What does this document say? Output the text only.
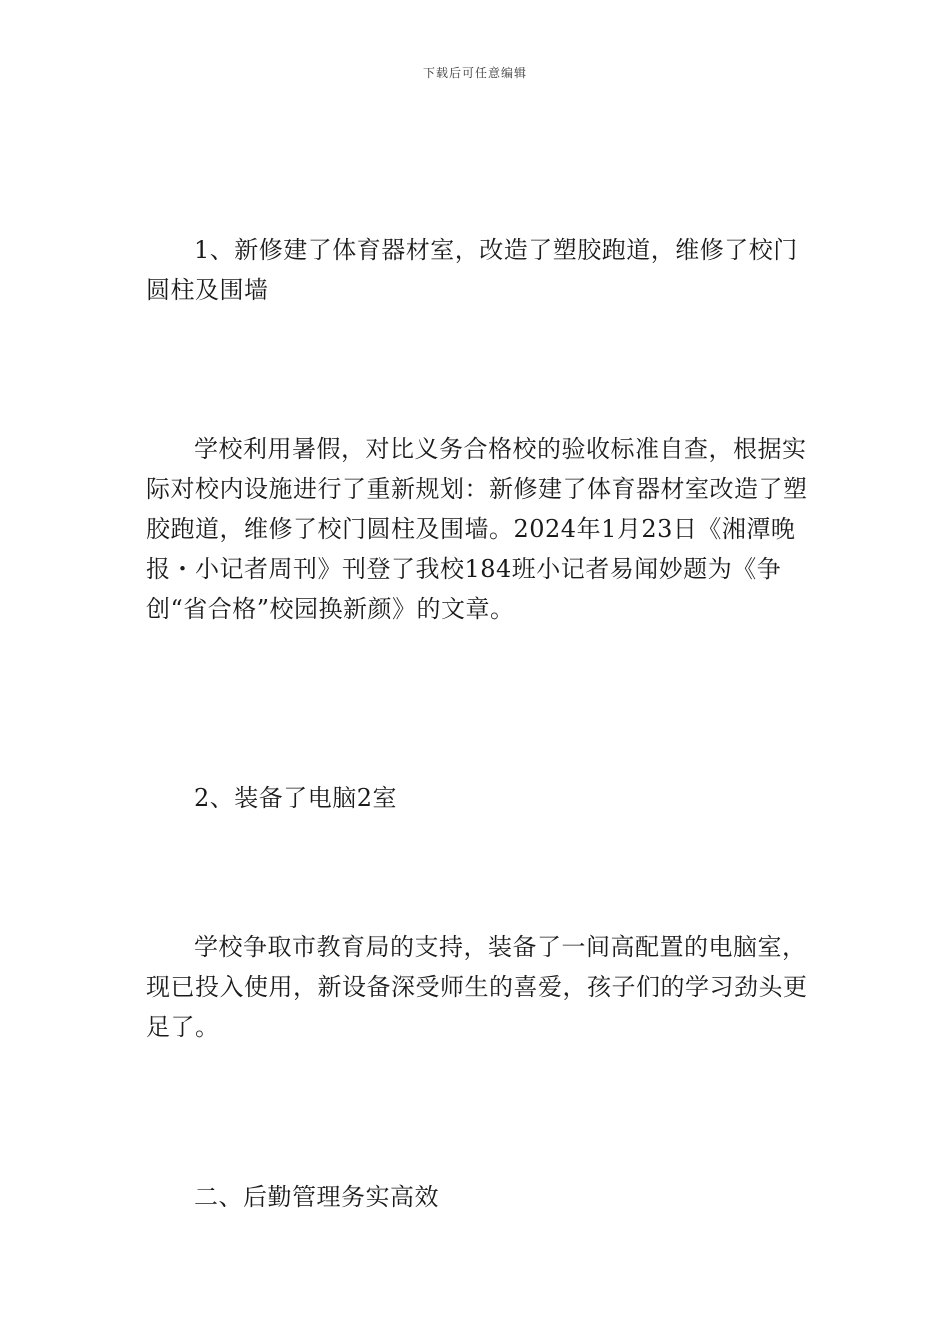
下载后可任意编辑

1、新修建了体育器材室，改造了塑胶跑道，维修了校门圆柱及围墙

学校利用暑假，对比义务合格校的验收标准自查，根据实际对校内设施进行了重新规划：新修建了体育器材室改造了塑胶跑道，维修了校门圆柱及围墙。2024年1月23日《湘潭晚报・小记者周刊》刊登了我校184班小记者易闻妙题为《争创“省合格”校园换新颜》的文章。

2、装备了电脑2室

学校争取市教育局的支持，装备了一间高配置的电脑室，现已投入使用，新设备深受师生的喜爱，孩子们的学习劲头更足了。

二、后勤管理务实高效
